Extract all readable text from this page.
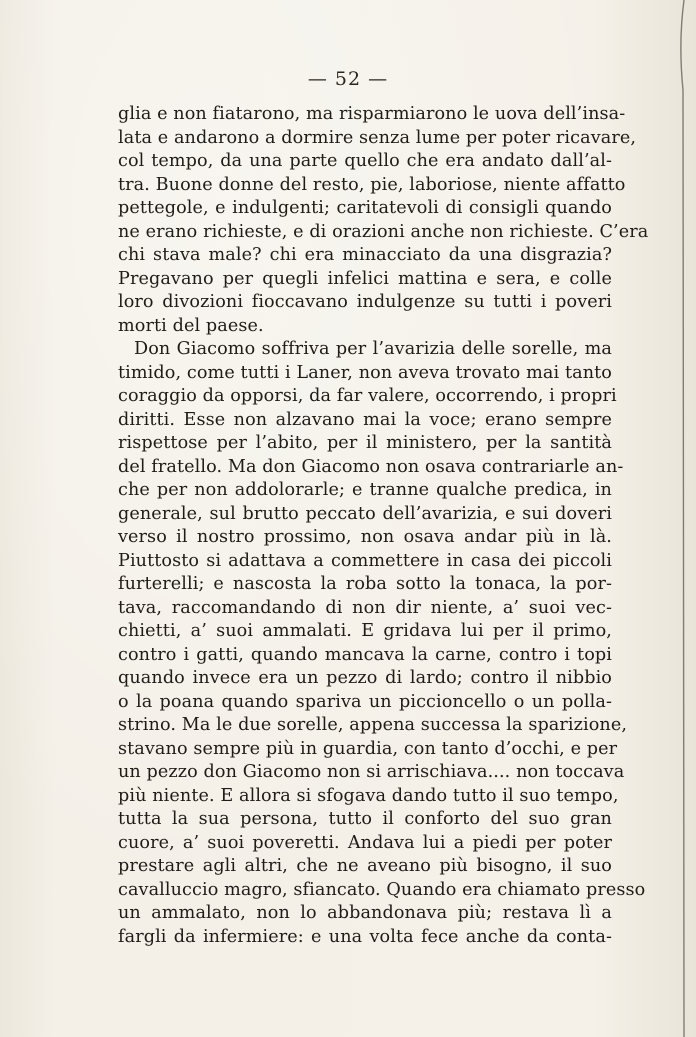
— 52 —
glia e non fiatarono, ma risparmiarono le uova dell’insa-
lata e andarono a dormire senza lume per poter ricavare,
col tempo, da una parte quello che era andato dall’al-
tra. Buone donne del resto, pie, laboriose, niente affatto
pettegole, e indulgenti; caritatevoli di consigli quando
ne erano richieste, e di orazioni anche non richieste. C’era
chi stava male? chi era minacciato da una disgrazia?
Pregavano per quegli infelici mattina e sera, e colle
loro divozioni fioccavano indulgenze su tutti i poveri
morti del paese.
Don Giacomo soffriva per l’avarizia delle sorelle, ma
timido, come tutti i Laner, non aveva trovato mai tanto
coraggio da opporsi, da far valere, occorrendo, i propri
diritti. Esse non alzavano mai la voce; erano sempre
rispettose per l’abito, per il ministero, per la santità
del fratello. Ma don Giacomo non osava contrariarle an-
che per non addolorarle; e tranne qualche predica, in
generale, sul brutto peccato dell’avarizia, e sui doveri
verso il nostro prossimo, non osava andar più in là.
Piuttosto si adattava a commettere in casa dei piccoli
furterelli; e nascosta la roba sotto la tonaca, la por-
tava, raccomandando di non dir niente, a’ suoi vec-
chietti, a’ suoi ammalati. E gridava lui per il primo,
contro i gatti, quando mancava la carne, contro i topi
quando invece era un pezzo di lardo; contro il nibbio
o la poana quando spariva un piccioncello o un polla-
strino. Ma le due sorelle, appena successa la sparizione,
stavano sempre più in guardia, con tanto d’occhi, e per
un pezzo don Giacomo non si arrischiava.... non toccava
più niente. E allora si sfogava dando tutto il suo tempo,
tutta la sua persona, tutto il conforto del suo gran
cuore, a’ suoi poveretti. Andava lui a piedi per poter
prestare agli altri, che ne aveano più bisogno, il suo
cavalluccio magro, sfiancato. Quando era chiamato presso
un ammalato, non lo abbandonava più; restava lì a
fargli da infermiere: e una volta fece anche da conta-
